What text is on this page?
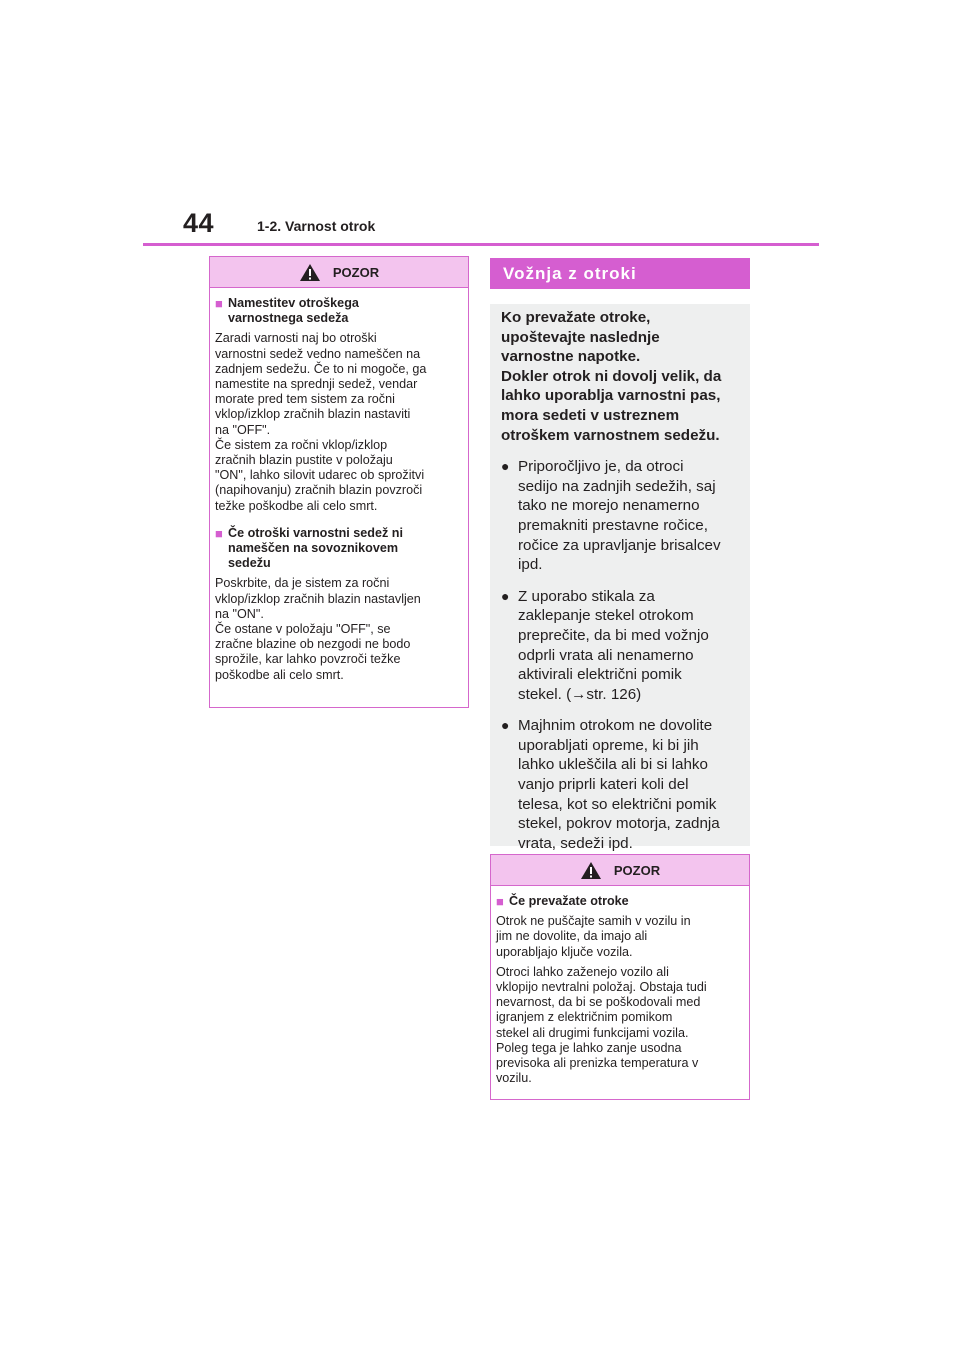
44	1-2. Varnost otrok
POZOR
■ Namestitev otroškega
varnostnega sedeža
Zaradi varnosti naj bo otroški
varnostni sedež vedno nameščen na
zadnjem sedežu. Če to ni mogoče, ga
namestite na sprednji sedež, vendar
morate pred tem sistem za ročni
vklop/izklop zračnih blazin nastaviti
na "OFF".
Če sistem za ročni vklop/izklop
zračnih blazin pustite v položaju
"ON", lahko silovit udarec ob sprožitvi
(napihovanju) zračnih blazin povzroči
težke poškodbe ali celo smrt.
■ Če otroški varnostni sedež ni
nameščen na sovoznikovem
sedežu
Poskrbite, da je sistem za ročni
vklop/izklop zračnih blazin nastavljen
na "ON".
Če ostane v položaju "OFF", se
zračne blazine ob nezgodi ne bodo
sprožile, kar lahko povzroči težke
poškodbe ali celo smrt.
Vožnja z otroki
Ko prevažate otroke,
upoštevajte naslednje
varnostne napotke.
Dokler otrok ni dovolj velik, da
lahko uporablja varnostni pas,
mora sedeti v ustreznem
otroškem varnostnem sedežu.
● Priporočljivo je, da otroci
sedijo na zadnjih sedežih, saj
tako ne morejo nenamerno
premakniti prestavne ročice,
ročice za upravljanje brisalcev
ipd.
● Z uporabo stikala za
zaklepanje stekel otrokom
preprečite, da bi med vožnjo
odprli vrata ali nenamerno
aktivirali električni pomik
stekel. (→str. 126)
● Majhnim otrokom ne dovolite
uporabljati opreme, ki bi jih
lahko ukleščila ali bi si lahko
vanjo priprli kateri koli del
telesa, kot so električni pomik
stekel, pokrov motorja, zadnja
vrata, sedeži ipd.
POZOR
■ Če prevažate otroke
Otrok ne puščajte samih v vozilu in
jim ne dovolite, da imajo ali
uporabljajo ključe vozila.
Otroci lahko zaženejo vozilo ali
vklopijo nevtralni položaj. Obstaja tudi
nevarnost, da bi se poškodovali med
igranjem z električnim pomikom
stekel ali drugimi funkcijami vozila.
Poleg tega je lahko zanje usodna
previsoka ali prenizka temperatura v
vozilu.
